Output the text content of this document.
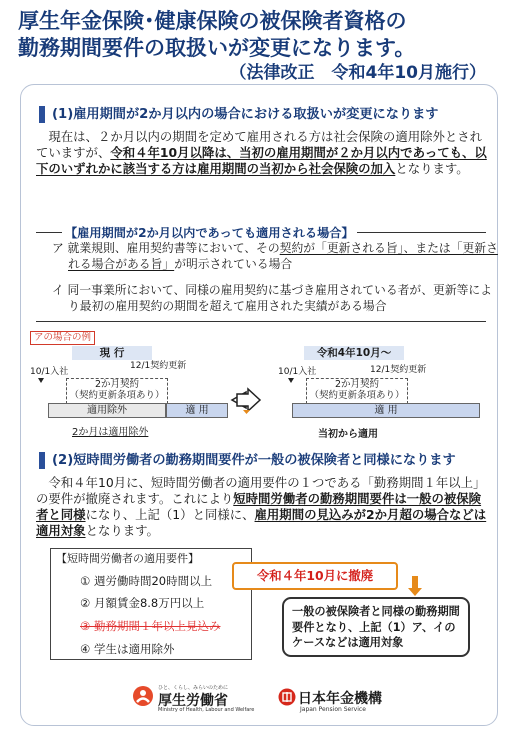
厚生年金保険･健康保険の被保険者資格の
勤務期間要件の取扱いが変更になります。
（法律改正　令和4年10月施行）
(1)雇用期間が2か月以内の場合における取扱いが変更になります
現在は、２か月以内の期間を定めて雇用される方は社会保険の適用除外とされていますが、令和４年10月以降は、当初の雇用期間が２か月以内であっても、以下のいずれかに該当する方は雇用期間の当初から社会保険の加入となります。
【雇用期間が2か月以内であっても適用される場合】
ア 就業規則、雇用契約書等において、その契約が「更新される旨」、または「更新される場合がある旨」が明示されている場合
イ 同一事業所において、同様の雇用契約に基づき雇用されている者が、更新等により最初の雇用契約の期間を超えて雇用された実績がある場合
アの場合の例
現 行	令和4年10月～
10/1入社
12/1契約更新
10/1入社	12/1契約更新
2か月契約
（契約更新条項あり）
適用除外	適 用
2か月は適用除外
2か月契約
（契約更新条項あり）
適 用
当初から適用
(2)短時間労働者の勤務期間要件が一般の被保険者と同様になります
令和４年10月に、短時間労働者の適用要件の１つである「勤務期間１年以上」の要件が撤廃されます。これにより短時間労働者の勤務期間要件は一般の被保険者と同様になり、上記（1）と同様に、雇用期間の見込みが2か月超の場合などは適用対象となります。
【短時間労働者の適用要件】
① 週労働時間20時間以上
② 月額賃金8.8万円以上
③ 勤務期間１年以上見込み
④ 学生は適用除外
令和４年10月に撤廃
一般の被保険者と同様の勤務期間要件となり、上記（1）ア、イのケースなどは適用対象
ひと、くらし、みらいのために
厚生労働省
Ministry of Health, Labour and Welfare
日本年金機構
Japan Pension Service
